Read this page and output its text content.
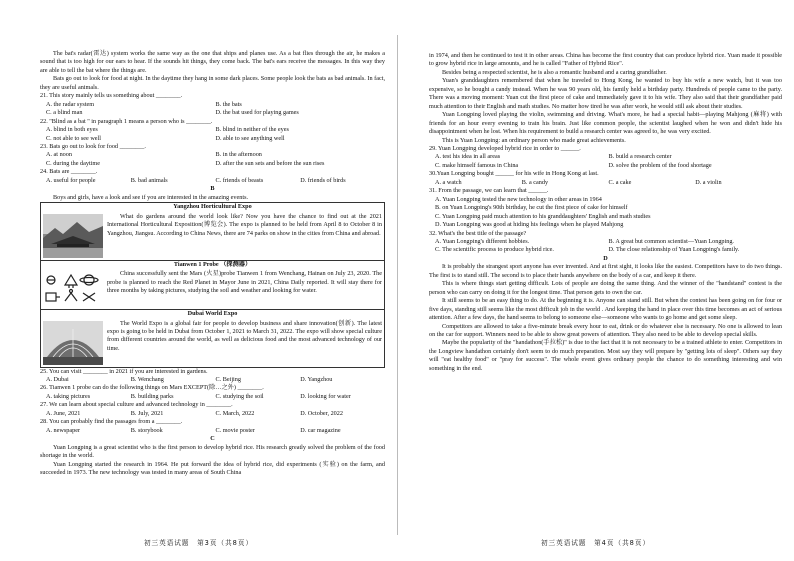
The bat's radar(雷达) system works the same way as the one that ships and planes use. As a bat flies through the air, he makes a sound that is too high for our ears to hear. If the sounds hit things, they come back. The bat's ears receive the messages. In this way they are able to tell the bat where the things are.

Bats go out to look for food at night. In the daytime they hang in some dark places. Some people look the bats as bad animals. In fact, they are useful animals.

21. This story mainly tells us something about ________.

A. the radar system	B. the bats
C. a blind man	D. the bat used for playing games

22. "Blind as a bat " in paragraph 1 means a person who is ________.

A. blind in both eyes	B. blind in neither of the eyes
C. not able to see well	D. able to see anything well

23. Bats go out to look for food ________.

A. at noon	B. in the afternoon
C. during the daytime	D. after the sun sets and before the sun rises

24. Bats are ________.

A. useful for people	B. bad animals	C. friends of beasts	D. friends of birds

B

Boys and girls, have a look and see if you are interested in the amazing events.

Yangzhou Horticultural Expo

What do gardens around the world look like? Now you have the chance to find out at the 2021 International Horticultural Exposition(博览会). The expo is planned to be held from April 8 to October 8 in Yangzhou, Jiangsu. According to China News, there are 74 parks on show in the cities from China and abroad.

Tianwen 1 Probe （探测器）

China successfully sent the Mars (火星)probe Tianwen 1 from Wenchang, Hainan on July 23, 2020. The probe is planned to reach the Red Planet in Mayor June in 2021, China Daily reported. It will stay there for three months by taking pictures, studying the soil and weather and looking for water.

Dubai World Expo

The World Expo is a global fair for people to develop business and share innovation(创新). The latest expo is going to be held in Dubai from October 1, 2021 to March 31, 2022. The expo will show special culture from different countries around the world, as well as delicious food and the most advanced technology of our time.

25. You can visit ________ in 2021 if you are interested in gardens.

A. Dubai	B. Wenchang	C. Beijing	D. Yangzhou

26. Tianwen 1 probe can do the following things on Mars EXCEPT(除…之外) ________.

A. taking pictures	B. building parks	C. studying the soil	D. looking for water

27. We can learn about special culture and advanced technology in ________.

A. June, 2021	B. July, 2021	C. March, 2022	D. October, 2022

28. You can probably find the passages from a ________.

A. newspaper	B. storybook	C. movie poster	D. car magazine

C

Yuan Longping is a great scientist who is the first person to develop hybrid rice. His research greatly solved the problem of the food shortage in the world.

Yuan Longping started the research in 1964. He put forward the idea of hybrid rice, did experiments (实验) on the farm, and succeeded in 1973. The new technology was tested in many areas of South China

初三英语试题　第3页（共8页）

in 1974, and then he continued to test it in other areas. China has become the first country that can produce hybrid rice. Yuan made it possible to grow hybrid rice in large amounts, and he is called "Father of Hybrid Rice".

Besides being a respected scientist, he is also a romantic husband and a caring grandfather.

Yuan's granddaughters remembered that when he traveled to Hong Kong, he wanted to buy his wife a new watch, but it was too expensive, so he bought a candy instead. When he was 90 years old, his family held a birthday party. Hundreds of people came to the party. There was a moving moment: Yuan cut the first piece of cake and immediately gave it to his wife. They also said that their grandfather paid much attention to their English and math studies. No matter how tired he was after work, he would still ask about their studies.

Yuan Longping loved playing the violin, swimming and driving. What's more, he had a special habit—playing Mahjong (麻将) with friends for an hour every evening to train his brain. Just like common people, the scientist laughed when he won and didn't hide his disappointment when he lost. When his requirement to build a research center was agreed to, he was very excited.

This is Yuan Longping: an ordinary person who made great achievements.

29. Yuan Longping developed hybrid rice in order to ______.

A. test his idea in all areas	B. build a research center
C. make himself famous in China	D. solve the problem of the food shortage

30.Yuan Longping bought ______ for his wife in Hong Kong at last.

A. a watch	B. a candy	C. a cake	D. a violin

31. From the passage, we can learn that ______.

A. Yuan Longping tested the new technology in other areas in 1964

B. on Yuan Longping's 90th birthday, he cut the first piece of cake for himself

C. Yuan Longping paid much attention to his granddaughters' English and math studies

D. Yuan Longping was good at hiding his feelings when he played Mahjong

32. What's the best title of the passage?

A. Yuan Longping's different hobbies.	B. A great but common scientist—Yuan Longping.
C. The scientific process to produce hybrid rice.	D. The close relationship of Yuan Longping's family.

D

It is probably the strangest sport anyone has ever invented. And at first sight, it looks like the easiest. Competitors have to do two things. The first is to stand still. The second is to place their hands anywhere on the body of a car, and keep it there.

This is where things start getting difficult. Lots of people are doing the same thing. And the winner of the "handstand" contest is the person who can carry on doing it for the longest time. That person gets to own the car.

It still seems to be an easy thing to do. At the beginning it is. Anyone can stand still. But when the contest has been going on for four or five days, standing still seems like the most difficult job in the world . And keeping the hand in place over this time becomes an act of serious attention. After a few days, the hand seems to belong to someone else—someone who wants to go home and get some sleep.

Competitors are allowed to take a five-minute break every hour to eat, drink or do whatever else is necessary. No one is allowed to lean on the car for support. Winners need to be able to show great powers of attention. They also need to be able to develop special skills.

Maybe the popularity of the "handathon(手拉松)" is due to the fact that it is not necessary to be a trained athlete to enter. Competitors in the Longview handathon certainly don't seem to do much preparation. Most say they will prepare by "getting lots of sleep". Others say they will "eat healthy food" or "pray for success". The whole event gives ordinary people the chance to do something interesting and win something in the end.

初三英语试题　第4页（共8页）
